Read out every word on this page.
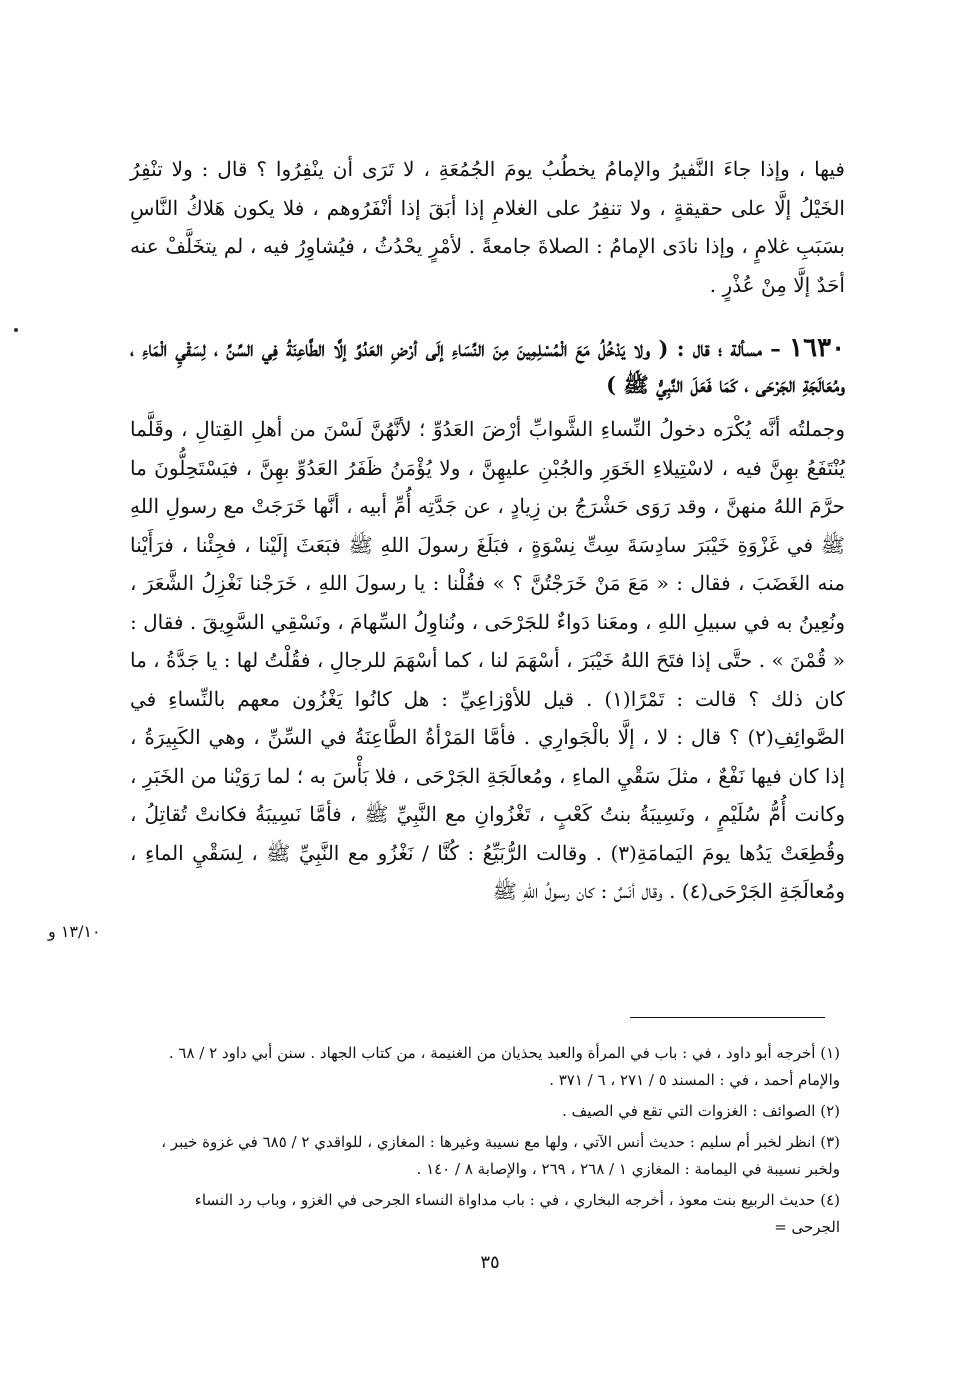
فيها ، وإذا جاءَ النَّفيرُ والإمامُ يخطُبُ يومَ الجُمُعَةِ ، لا تَرَى أن ينْفِرُوا ؟ قال : ولا تنْفِرُ الخَيْلُ إلَّا على حقيقةٍ ، ولا تنفِرُ على الغلامِ إذا أبَقَ إذا أنْفَرُوهم ، فلا يكون هَلاكُ النَّاسِ بسَبَبِ غلامٍ ، وإذا نادَى الإمامُ : الصلاةَ جامعةً . لأمْرٍ يحْدُثُ ، فيُشاوِرُ فيه ، لم يتخَلَّفْ عنه أحَدٌ إلَّا مِنْ عُذْرٍ .

١٦٣٠ – مسألة ؛ قال : ( ولا يَدْخُلُ مَعَ الْمُسْلِمِينَ مِنَ النِّسَاءِ إلَى أرْضِ العَدُوِّ إلَّا الطَّاعِنَةُ فِي السِّنِّ ، لِسَقْيِ الْمَاءِ ، ومُعَالَجَةِ الجَرْحَى ، كَمَا فَعَلَ النَّبِيُّ ﷺ )

وجملتُه أنَّه يُكْرَه دخولُ النِّساءِ الشَّوابِّ أرْضَ العَدُوِّ ؛ لأنَّهُنَّ لَسْنَ من أهلِ القِتالِ ، وقَلَّما يُنْتَفَعُ بهِنَّ فيه ، لاسْتِيلاءِ الخَوَرِ والجُبْنِ عليهِنَّ ، ولا يُؤْمَنُ ظَفَرُ العَدُوِّ بهِنَّ ، فيَسْتَحِلُّونَ ما حرَّمَ اللهُ منهنَّ ، وقد رَوَى حَشْرَجُ بن زِيادٍ ، عن جَدَّتِه أُمِّ أبيه ، أنَّها خَرَجَتْ مع رسولِ اللهِ ﷺ في غَزْوَةِ خَيْبَرَ سادِسَةَ سِتِّ نِسْوَةٍ ، فبَلَغَ رسولَ اللهِ ﷺ فبَعَثَ إلَيْنا ، فجِئْنا ، فرَأَيْنا منه الغَضَبَ ، فقال : « مَعَ مَنْ خَرَجْتُنَّ ؟ » فقُلْنا : يا رسولَ اللهِ ، خَرَجْنا نَغْزِلُ الشَّعَرَ ، ونُعِينُ به في سبيلِ اللهِ ، ومعَنا دَواءٌ للجَرْحَى ، ونُناوِلُ السِّهامَ ، ونَسْقِي السَّوِيقَ . فقال : « قُمْنَ » . حتَّى إذا فتَحَ اللهُ خَيْبَرَ ، أسْهَمَ لنا ، كما أسْهَمَ للرجالِ ، فقُلْتُ لها : يا جَدَّةُ ، ما كان ذلك ؟ قالت : تَمْرًا(١) . قيل للأوْزاعِيِّ : هل كانُوا يَغْزُون معهم بالنِّساءِ في الصَّوائِفِ(٢) ؟ قال : لا ، إلَّا بالْجَوارِي . فأمَّا المَرْأةُ الطَّاعِنَةُ في السِّنِّ ، وهي الكَبِيرَةُ ، إذا كان فيها نَفْعٌ ، مثلَ سَقْيِ الماءِ ، ومُعالَجَةِ الجَرْحَى ، فلا بَأْسَ به ؛ لما رَوَيْنا من الخَبَرِ ، وكانت أُمُّ سُلَيْمٍ ، ونَسِيبَةُ بنتُ كَعْبٍ ، تَغْزُوانِ مع النَّبِيِّ ﷺ ، فأمَّا نَسِيبَةُ فكانتْ تُقاتِلُ ، وقُطِعَتْ يَدُها يومَ اليَمامَةِ(٣) . وقالت الرُّبَيِّعُ : كُنَّا / نَغْزُو مع النَّبِيِّ ﷺ ، لِسَقْيِ الماءِ ، ومُعالَجَةِ الجَرْحَى(٤) . وقال أنَسٌ : كان رسولُ اللهِ ﷺ

١٣/١٠ و

(١) أخرجه أبو داود ، في : باب في المرأة والعبد يحذيان من الغنيمة ، من كتاب الجهاد . سنن أبي داود ٢ / ٦٨ . والإمام أحمد ، في : المسند ٥ / ٢٧١ ، ٦ / ٣٧١ .

(٢) الصوائف : الغزوات التي تقع في الصيف .

(٣) انظر لخبر أم سليم : حديث أنس الآتي ، ولها مع نسيبة وغيرها : المغازي ، للواقدي ٢ / ٦٨٥ في غزوة خيبر ، ولخبر نسيبة في اليمامة : المغازي ١ / ٢٦٨ ، ٢٦٩ ، والإصابة ٨ / ١٤٠ .

(٤) حديث الربيع بنت معوذ ، أخرجه البخاري ، في : باب مداواة النساء الجرحى في الغزو ، وباب رد النساء الجرحى =

٣٥
